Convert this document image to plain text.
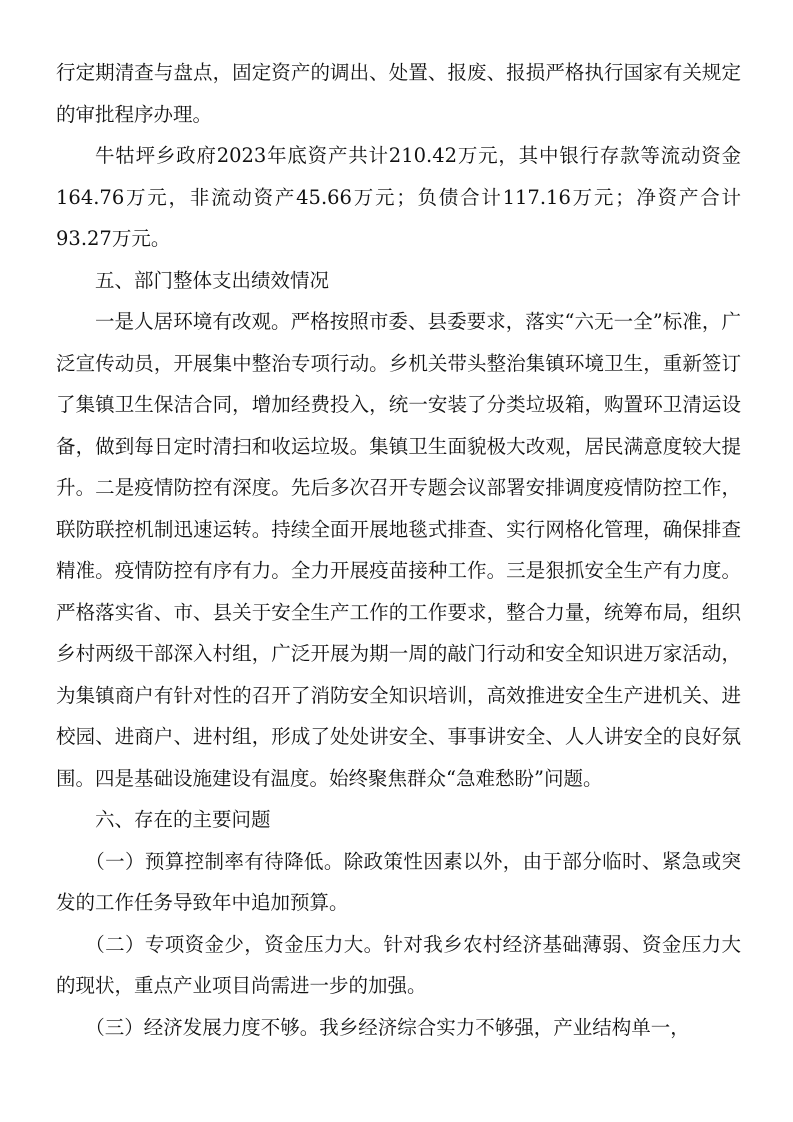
行定期清查与盘点，固定资产的调出、处置、报废、报损严格执行国家有关规定的审批程序办理。

牛牯坪乡政府2023年底资产共计210.42万元，其中银行存款等流动资金164.76万元，非流动资产45.66万元；负债合计117.16万元；净资产合计93.27万元。

五、部门整体支出绩效情况

一是人居环境有改观。严格按照市委、县委要求，落实“六无一全”标准，广泛宣传动员，开展集中整治专项行动。乡机关带头整治集镇环境卫生，重新签订了集镇卫生保洁合同，增加经费投入，统一安装了分类垃圾箱，购置环卫清运设备，做到每日定时清扫和收运垃圾。集镇卫生面貌极大改观，居民满意度较大提升。二是疫情防控有深度。先后多次召开专题会议部署安排调度疫情防控工作，联防联控机制迅速运转。持续全面开展地毯式排查、实行网格化管理，确保排查精准。疫情防控有序有力。全力开展疫苗接种工作。三是狠抓安全生产有力度。严格落实省、市、县关于安全生产工作的工作要求，整合力量，统筹布局，组织乡村两级干部深入村组，广泛开展为期一周的敲门行动和安全知识进万家活动，为集镇商户有针对性的召开了消防安全知识培训，高效推进安全生产进机关、进校园、进商户、进村组，形成了处处讲安全、事事讲安全、人人讲安全的良好氛围。四是基础设施建设有温度。始终聚焦群众“急难愁盼”问题。

六、存在的主要问题

（一）预算控制率有待降低。除政策性因素以外，由于部分临时、紧急或突发的工作任务导致年中追加预算。

（二）专项资金少，资金压力大。针对我乡农村经济基础薄弱、资金压力大的现状，重点产业项目尚需进一步的加强。

（三）经济发展力度不够。我乡经济综合实力不够强，产业结构单一，
